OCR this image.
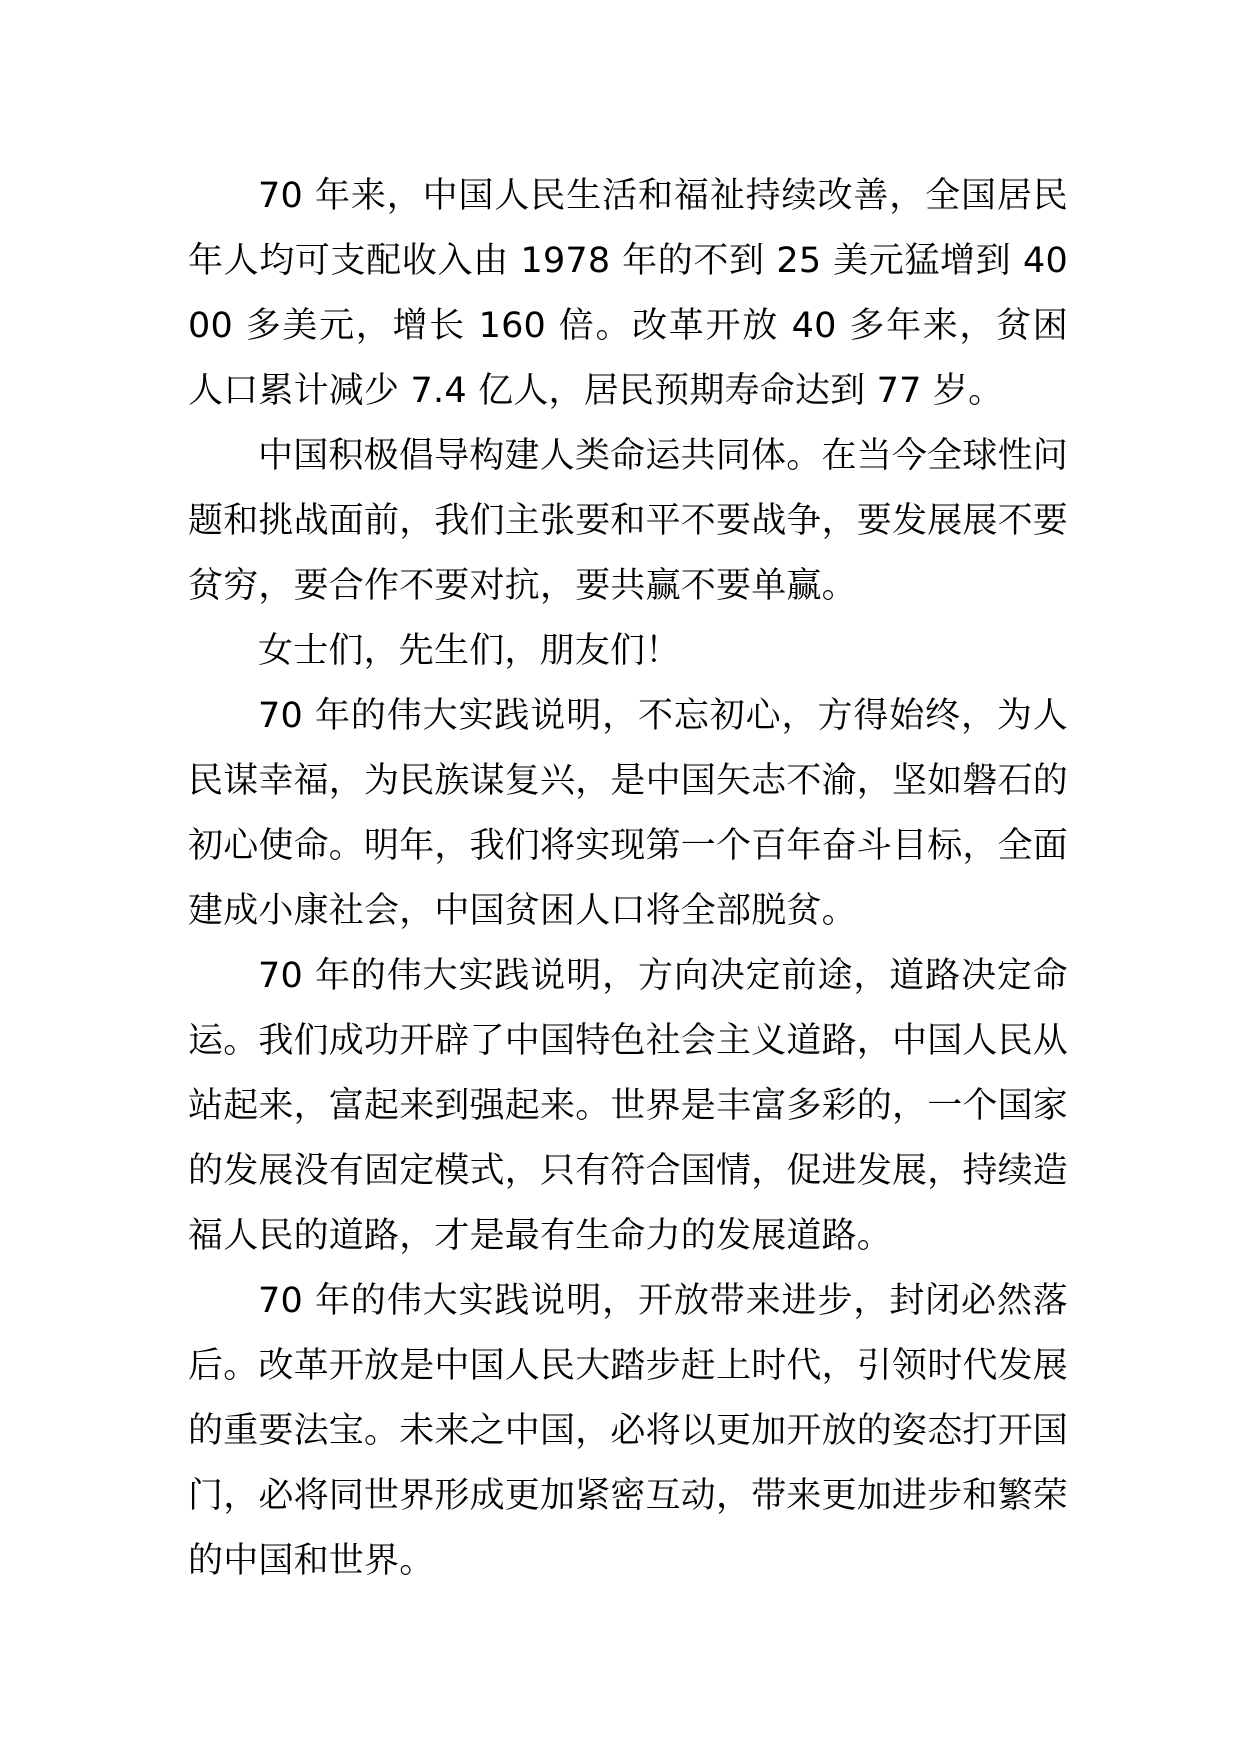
70 年来，中国人民生活和福祉持续改善，全国居民年人均可支配收入由 1978 年的不到 25 美元猛增到 4000 多美元，增长 160 倍。改革开放 40 多年来，贫困人口累计减少 7.4 亿人，居民预期寿命达到 77 岁。

中国积极倡导构建人类命运共同体。在当今全球性问题和挑战面前，我们主张要和平不要战争，要发展展不要贫穷，要合作不要对抗，要共赢不要单赢。

女士们，先生们，朋友们！

70 年的伟大实践说明，不忘初心，方得始终，为人民谋幸福，为民族谋复兴，是中国矢志不渝，坚如磐石的初心使命。明年，我们将实现第一个百年奋斗目标，全面建成小康社会，中国贫困人口将全部脱贫。

70 年的伟大实践说明，方向决定前途，道路决定命运。我们成功开辟了中国特色社会主义道路，中国人民从站起来，富起来到强起来。世界是丰富多彩的，一个国家的发展没有固定模式，只有符合国情，促进发展，持续造福人民的道路，才是最有生命力的发展道路。

70 年的伟大实践说明，开放带来进步，封闭必然落后。改革开放是中国人民大踏步赶上时代，引领时代发展的重要法宝。未来之中国，必将以更加开放的姿态打开国门，必将同世界形成更加紧密互动，带来更加进步和繁荣的中国和世界。
